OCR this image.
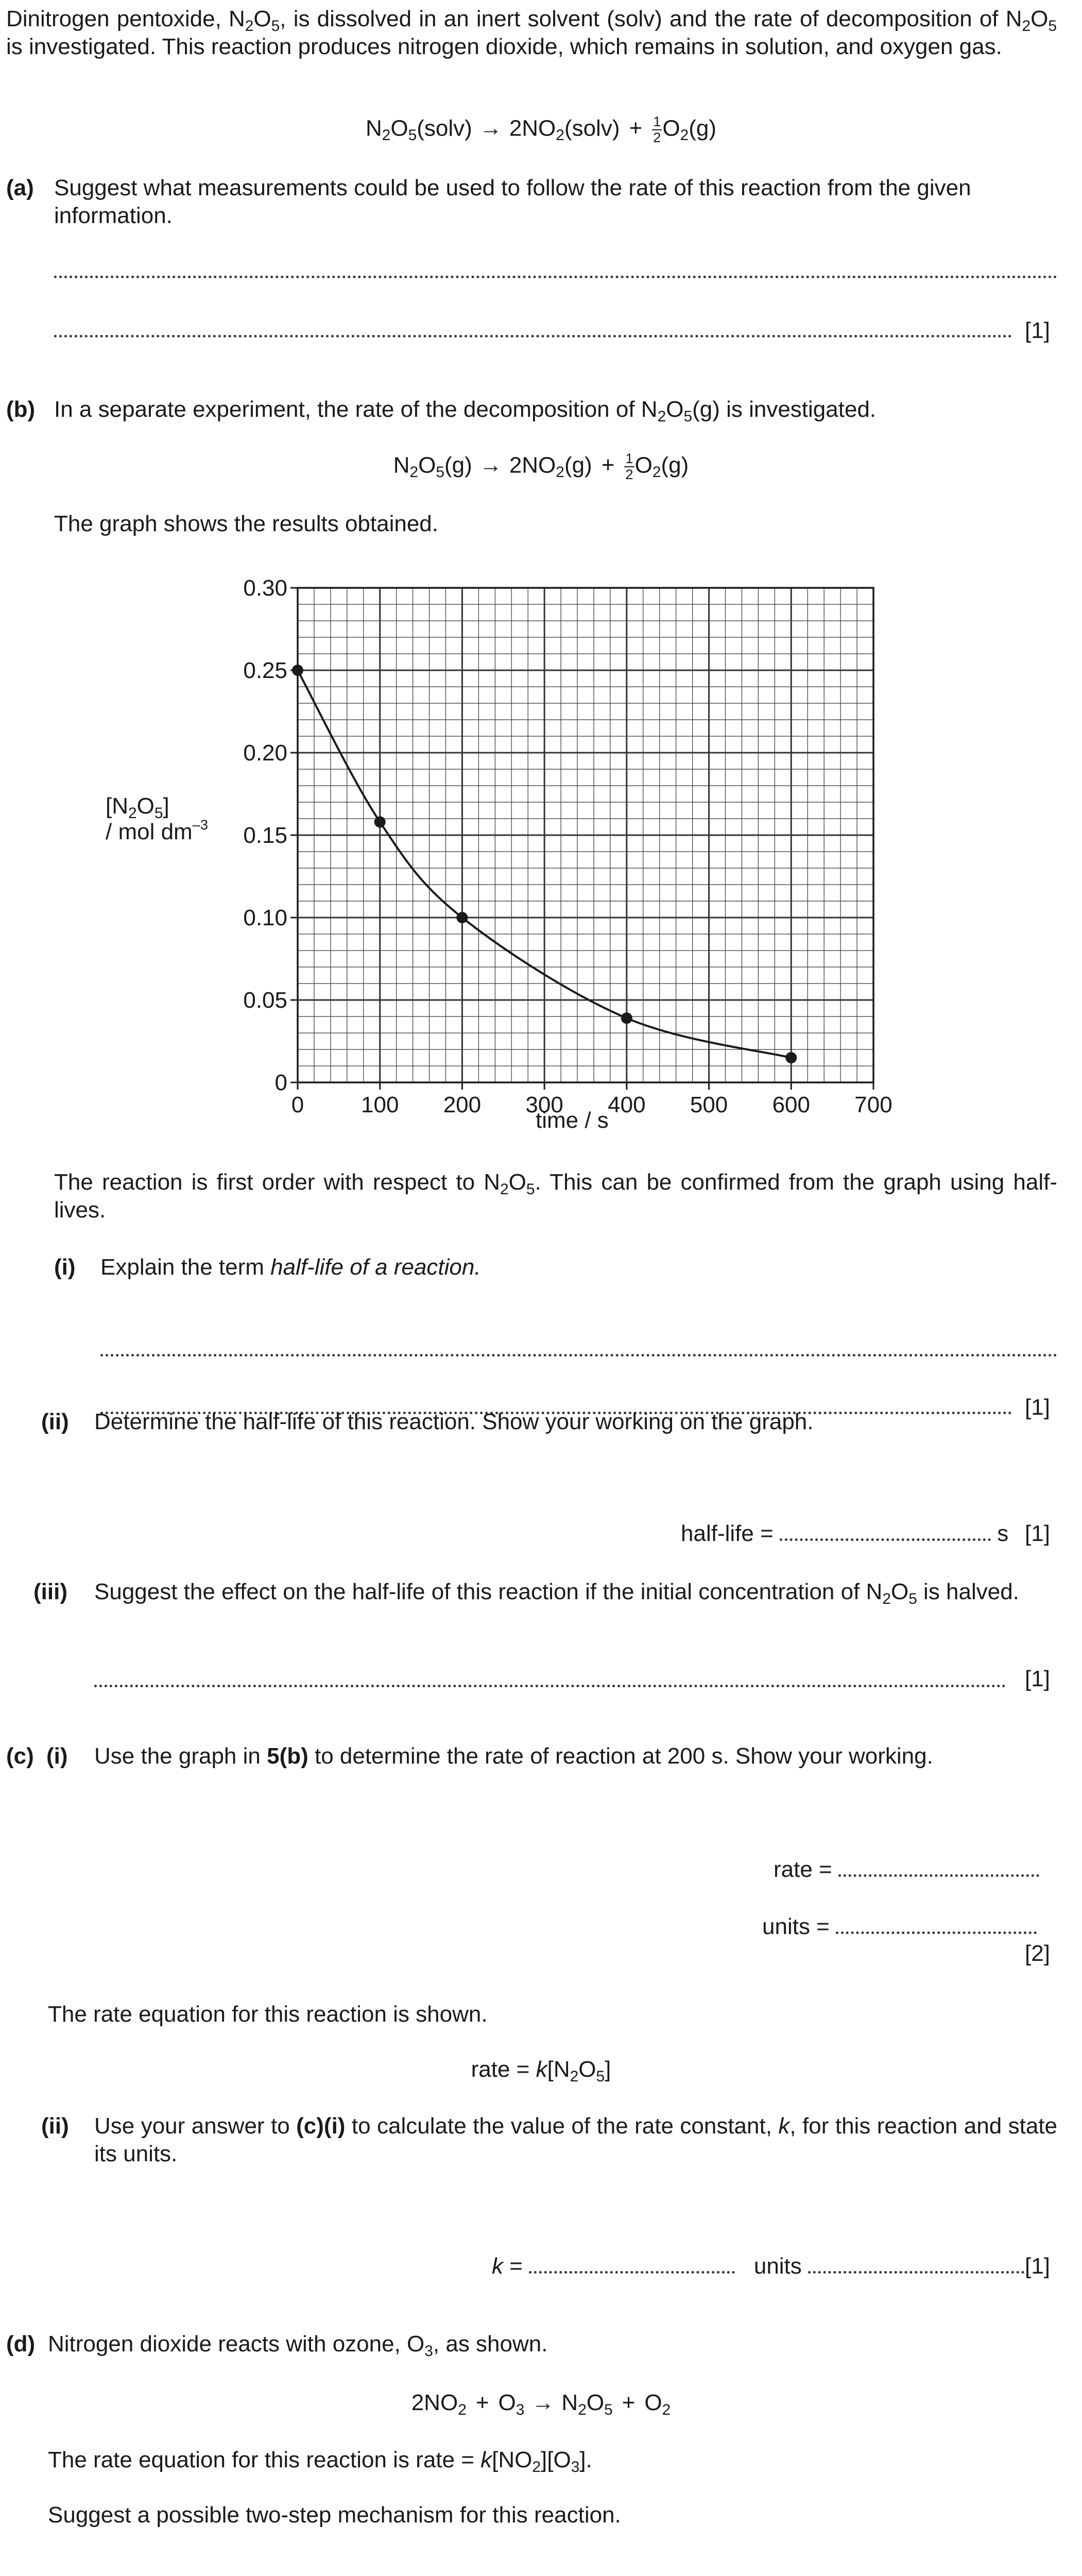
Dinitrogen pentoxide, $N_2O_5$, is dissolved in an inert solvent (solv) and the rate of decomposition of $N_2O_5$ is investigated. This reaction produces nitrogen dioxide, which remains in solution, and oxygen gas.
$N_2O_5(solv)$ → $2NO_2(solv) + \frac{1}{2} O_2(g)$
(a) Suggest what measurements could be used to follow the rate of this reaction from the given information.
[1]
(b) In a separate experiment, the rate of the decomposition of $N_2O_5(g)$ is investigated.
$N_2O_5(g) \to 2NO_2(g) + \frac{1}{2} O_2(g)$
The graph shows the results obtained.
$[N_2O_5]$
/ mol $dm^{-3}$
0	100 200 300 400 500 600 700
0
0.05
0.10
0.15
0.20
0.25
0.30
time / s
The reaction is first order with respect to $N_2O_5$. This can be confirmed from the graph using half-lives.
(i) Explain the term half-life of a reaction.
[1]
(ii) Determine the half-life of this reaction. Show your working on the graph.
half-life =	s [1]
(iii) Suggest the effect on the half-life of this reaction if the initial concentration of $N_2O_5$ is halved.
[1]
(c) (i) Use the graph in 5(b) to determine the rate of reaction at 200 s. Show your working.
rate =
units =
[2]
The rate equation for this reaction is shown.
rate = $k[N_2O_5]$
(ii) Use your answer to (c)(i) to calculate the value of the rate constant, k, for this reaction and state its units.
k =	units	[1]
(d) Nitrogen dioxide reacts with ozone, $O_3$, as shown.
$2NO_2 + O_3 \to N_2O_5 + O_2$
The rate equation for this reaction is rate = $k[NO_2][O_3]$.
Suggest a possible two-step mechanism for this reaction.
